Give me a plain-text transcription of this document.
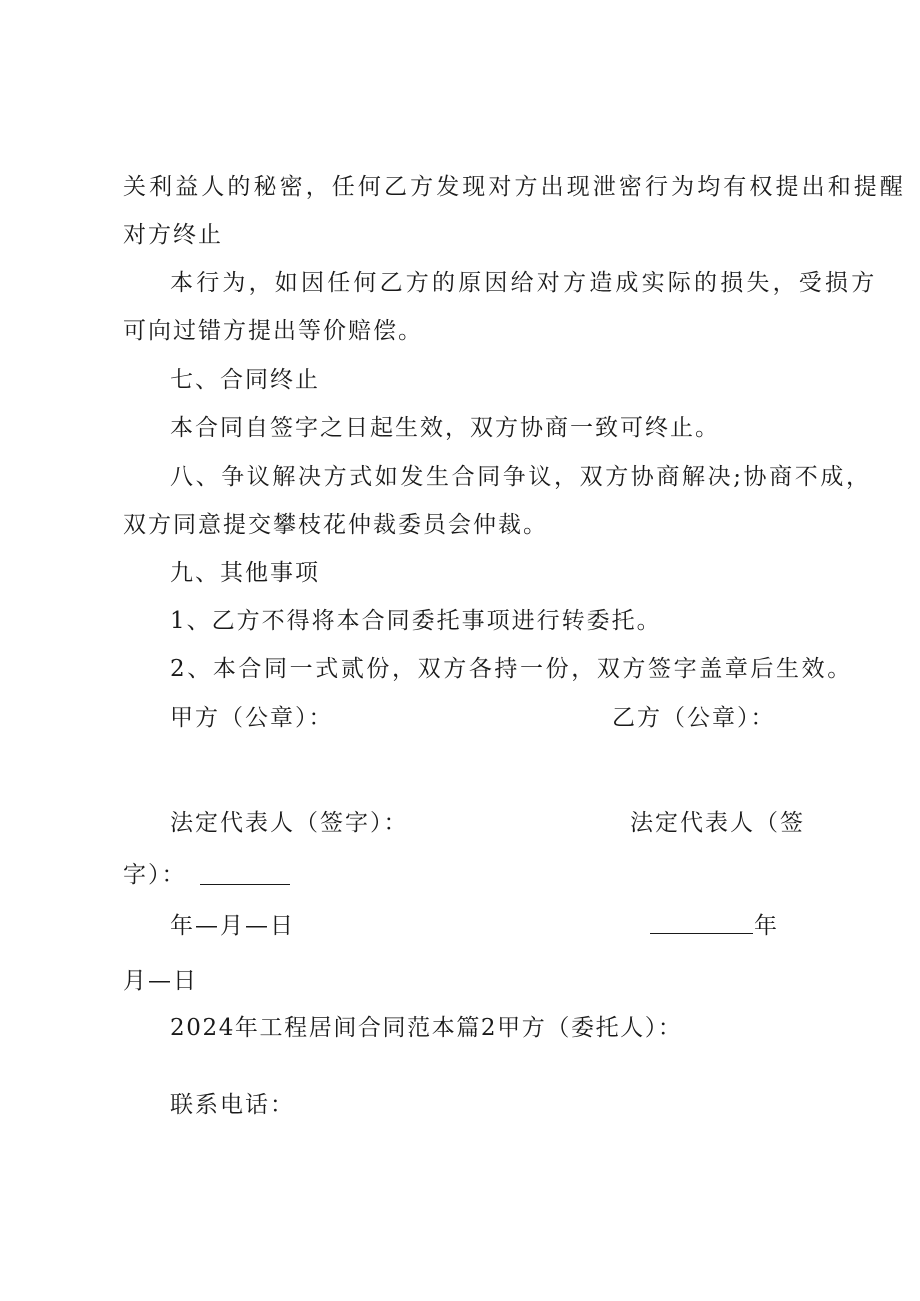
关利益人的秘密，任何乙方发现对方出现泄密行为均有权提出和提醒
对方终止
本行为，如因任何乙方的原因给对方造成实际的损失，受损方
可向过错方提出等价赔偿。
七、合同终止
本合同自签字之日起生效，双方协商一致可终止。
八、争议解决方式如发生合同争议，双方协商解决;协商不成，
双方同意提交攀枝花仲裁委员会仲裁。
九、其他事项
1、乙方不得将本合同委托事项进行转委托。
2、本合同一式贰份，双方各持一份，双方签字盖章后生效。
甲方（公章）：	乙方（公章）：
法定代表人（签字）：	法定代表人（签
字）：
年—月—日	年
月—日
2024年工程居间合同范本篇2甲方（委托人）：
联系电话：
